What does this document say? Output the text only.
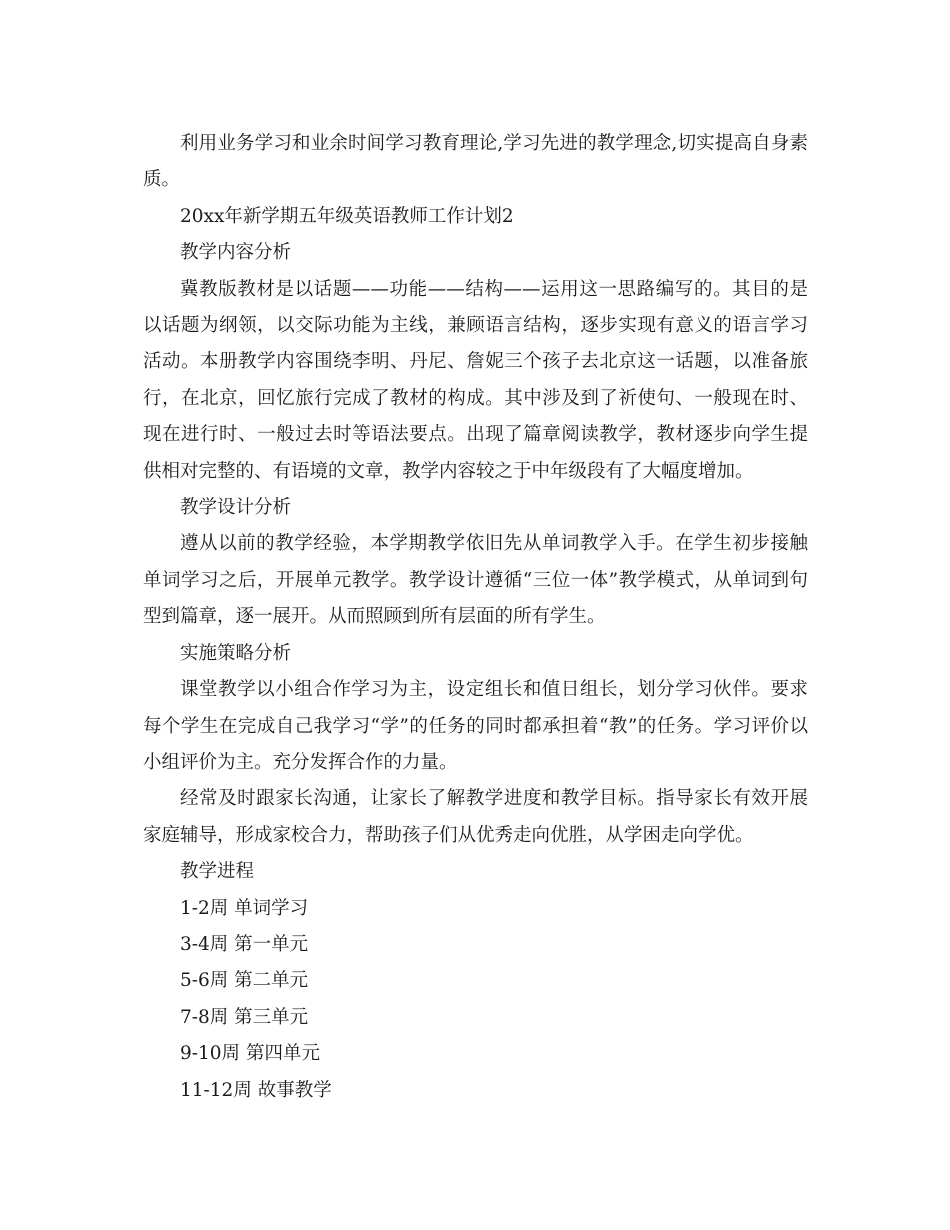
利用业务学习和业余时间学习教育理论,学习先进的教学理念,切实提高自身素质。

20xx年新学期五年级英语教师工作计划2

教学内容分析

冀教版教材是以话题——功能——结构——运用这一思路编写的。其目的是以话题为纲领，以交际功能为主线，兼顾语言结构，逐步实现有意义的语言学习活动。本册教学内容围绕李明、丹尼、詹妮三个孩子去北京这一话题，以准备旅行，在北京，回忆旅行完成了教材的构成。其中涉及到了祈使句、一般现在时、现在进行时、一般过去时等语法要点。出现了篇章阅读教学，教材逐步向学生提供相对完整的、有语境的文章，教学内容较之于中年级段有了大幅度增加。

教学设计分析

遵从以前的教学经验，本学期教学依旧先从单词教学入手。在学生初步接触单词学习之后，开展单元教学。教学设计遵循“三位一体”教学模式，从单词到句型到篇章，逐一展开。从而照顾到所有层面的所有学生。

实施策略分析

课堂教学以小组合作学习为主，设定组长和值日组长，划分学习伙伴。要求每个学生在完成自己我学习“学”的任务的同时都承担着“教”的任务。学习评价以小组评价为主。充分发挥合作的力量。

经常及时跟家长沟通，让家长了解教学进度和教学目标。指导家长有效开展家庭辅导，形成家校合力，帮助孩子们从优秀走向优胜，从学困走向学优。

教学进程

1-2周 单词学习

3-4周 第一单元

5-6周 第二单元

7-8周 第三单元

9-10周 第四单元

11-12周 故事教学
